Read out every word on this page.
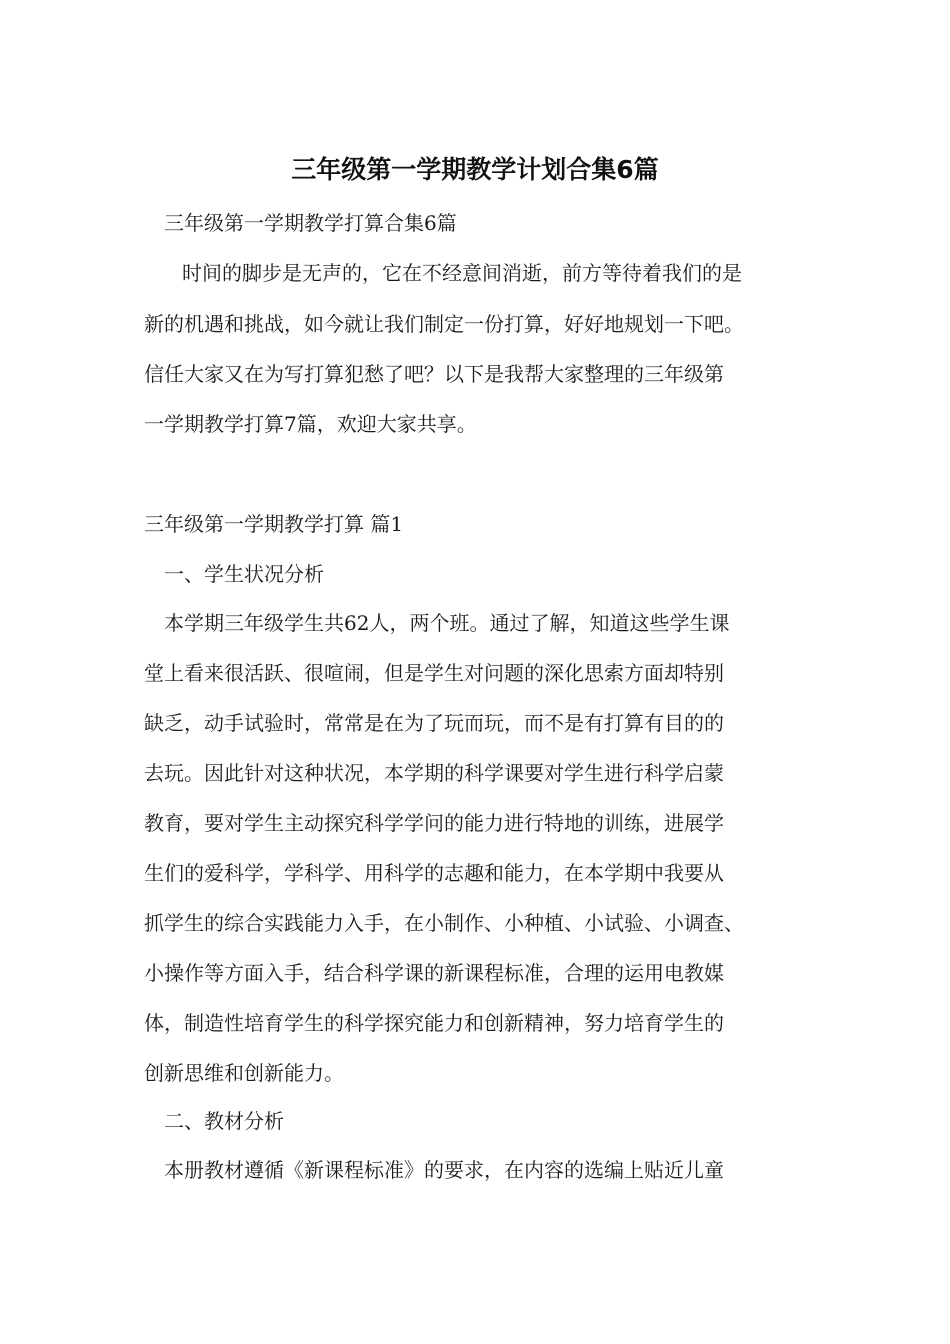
三年级第一学期教学计划合集6篇
三年级第一学期教学打算合集6篇
时间的脚步是无声的，它在不经意间消逝，前方等待着我们的是
新的机遇和挑战，如今就让我们制定一份打算，好好地规划一下吧。
信任大家又在为写打算犯愁了吧？以下是我帮大家整理的三年级第
一学期教学打算7篇，欢迎大家共享。
三年级第一学期教学打算 篇1
一、学生状况分析
本学期三年级学生共62人，两个班。通过了解，知道这些学生课
堂上看来很活跃、很喧闹，但是学生对问题的深化思索方面却特别
缺乏，动手试验时，常常是在为了玩而玩，而不是有打算有目的的
去玩。因此针对这种状况，本学期的科学课要对学生进行科学启蒙
教育，要对学生主动探究科学学问的能力进行特地的训练，进展学
生们的爱科学，学科学、用科学的志趣和能力，在本学期中我要从
抓学生的综合实践能力入手，在小制作、小种植、小试验、小调查、
小操作等方面入手，结合科学课的新课程标准，合理的运用电教媒
体，制造性培育学生的科学探究能力和创新精神，努力培育学生的
创新思维和创新能力。
二、教材分析
本册教材遵循《新课程标准》的要求，在内容的选编上贴近儿童
